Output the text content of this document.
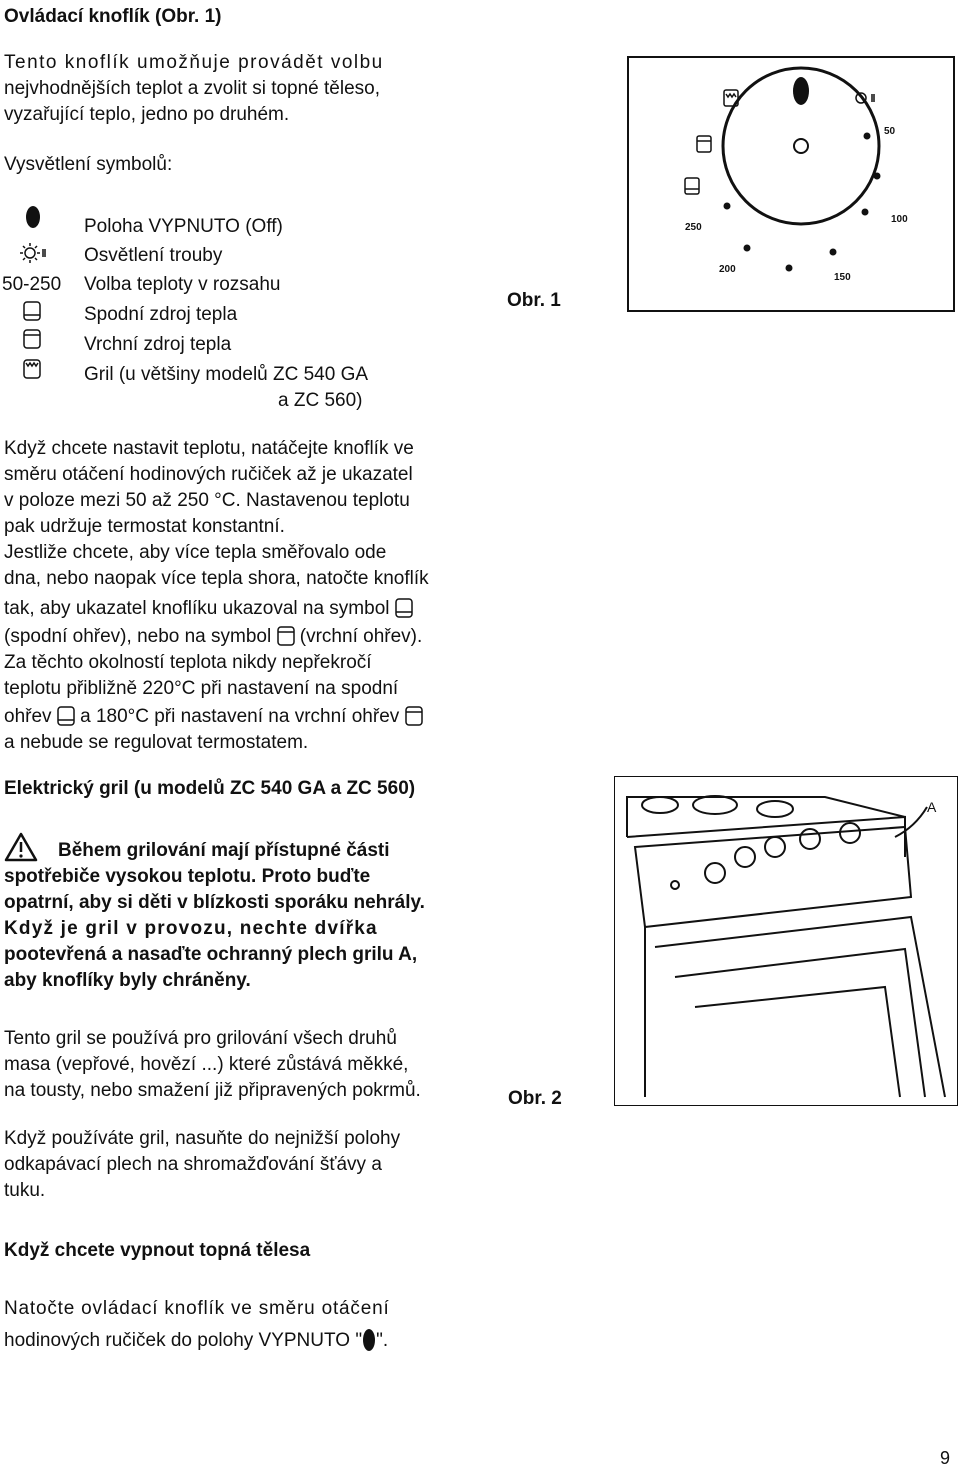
Ovládací knoflík (Obr. 1)
Tento knoflík umožňuje provádět volbu
nejvhodnějších teplot a zvolit si topné těleso,
vyzařující teplo, jedno po druhém.
Vysvětlení symbolů:
50-250
Poloha VYPNUTO (Off)
Osvětlení trouby
Volba teploty v rozsahu
Spodní zdroj tepla
Vrchní zdroj tepla
Gril (u většiny modelů ZC 540 GA
a ZC 560)
Obr. 1
50
100
150
200
250
Když chcete nastavit teplotu, natáčejte knoflík ve
směru otáčení hodinových ručiček až je ukazatel
v poloze mezi 50 až 250 °C. Nastavenou teplotu
pak udržuje termostat konstantní.
Jestliže chcete, aby více tepla směřovalo ode
dna, nebo naopak více tepla shora, natočte knoflík
tak, aby ukazatel knoflíku ukazoval na symbol
(spodní ohřev), nebo na symbol (vrchní ohřev).
Za těchto okolností teplota nikdy nepřekročí
teplotu přibližně 220°C při nastavení na spodní
ohřev a 180°C při nastavení na vrchní ohřev
a nebude se regulovat termostatem.
Elektrický gril (u modelů ZC 540 GA a ZC 560)
Během grilování mají přístupné části
spotřebiče vysokou teplotu. Proto buďte
opatrní, aby si děti v blízkosti sporáku nehrály.
Když je gril v provozu, nechte dvířka
pootevřená a nasaďte ochranný plech grilu A,
aby knoflíky byly chráněny.
Tento gril se používá pro grilování všech druhů
masa (vepřové, hovězí ...) které zůstává měkké,
na tousty, nebo smažení již připravených pokrmů.
Když používáte gril, nasuňte do nejnižší polohy
odkapávací plech na shromažďování šťávy a
tuku.
Obr. 2
A
Když chcete vypnout topná tělesa
Natočte ovládací knoflík ve směru otáčení
hodinových ručiček do polohy VYPNUTO " ".
9
